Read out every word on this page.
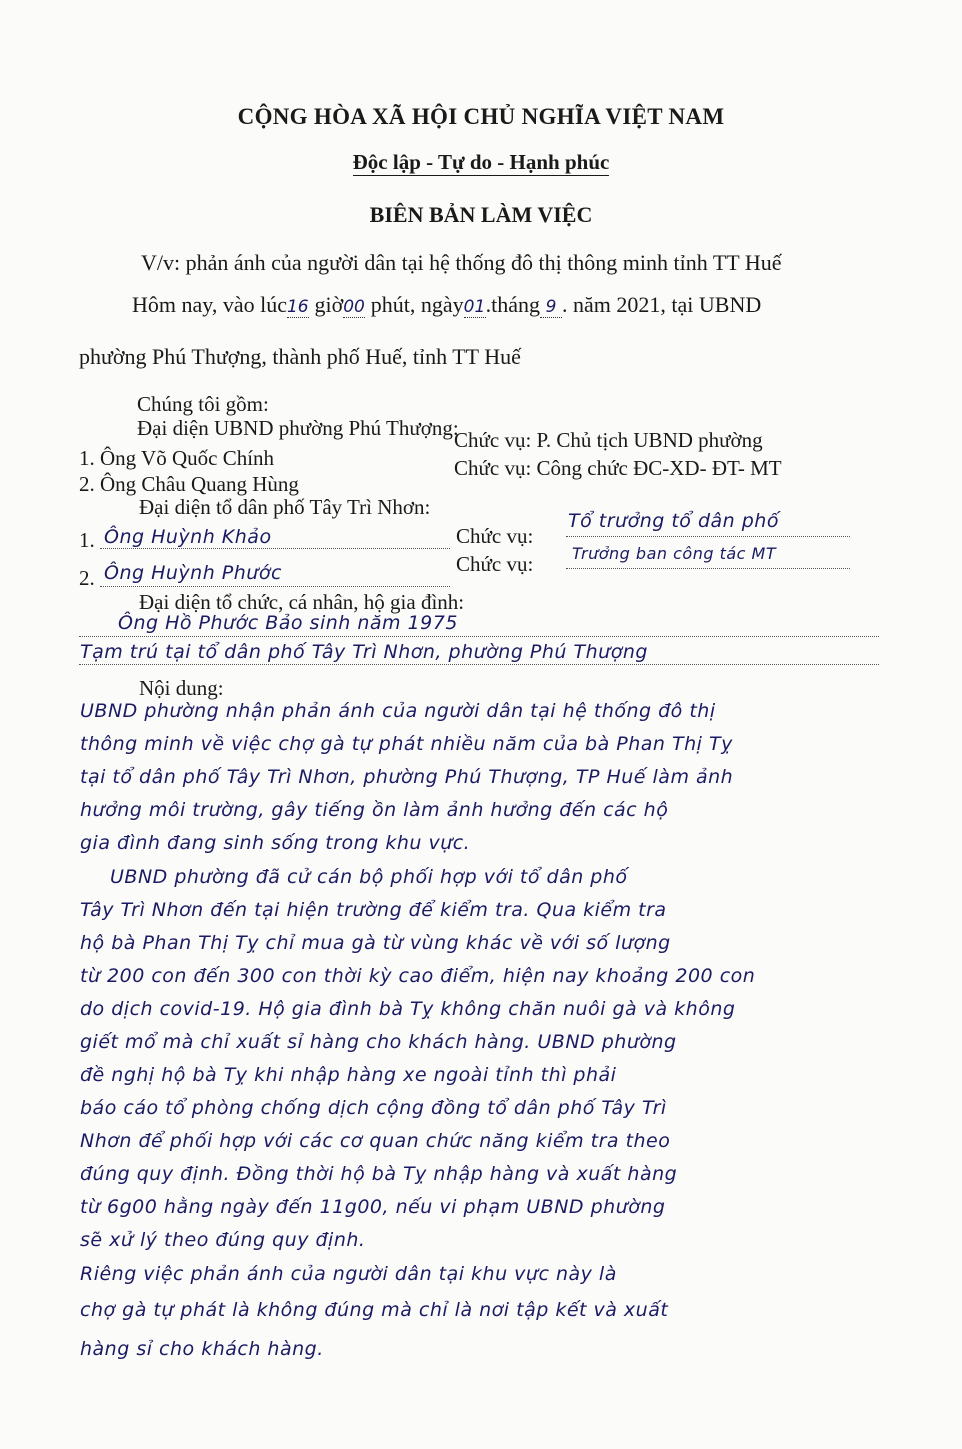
CỘNG HÒA XÃ HỘI CHỦ NGHĨA VIỆT NAM
Độc lập - Tự do - Hạnh phúc
BIÊN BẢN LÀM VIỆC
V/v: phản ánh của người dân tại hệ thống đô thị thông minh tỉnh TT Huế
Hôm nay, vào lúc16 giờ00 phút, ngày01.tháng 9 . năm 2021, tại UBND
phường Phú Thượng, thành phố Huế, tỉnh TT Huế
Chúng tôi gồm:
Đại diện UBND phường Phú Thượng:
1. Ông Võ Quốc Chính
Chức vụ: P. Chủ tịch UBND phường
2. Ông Châu Quang Hùng
Chức vụ: Công chức ĐC-XD- ĐT- MT
Đại diện tổ dân phố Tây Trì Nhơn:
1. Ông Huỳnh Khảo	Chức vụ:
Tổ trưởng tổ dân phố
2. Ông Huỳnh Phước	Chức vụ: Trưởng ban công tác MT
Đại diện tổ chức, cá nhân, hộ gia đình:
Ông Hồ Phước Bảo sinh năm 1975
Tạm trú tại tổ dân phố Tây Trì Nhơn, phường Phú Thượng
Nội dung:
UBND phường nhận phản ánh của người dân tại hệ thống đô thị
thông minh về việc chợ gà tự phát nhiều năm của bà Phan Thị Tỵ
tại tổ dân phố Tây Trì Nhơn, phường Phú Thượng, TP Huế làm ảnh
hưởng môi trường, gây tiếng ồn làm ảnh hưởng đến các hộ
gia đình đang sinh sống trong khu vực.
UBND phường đã cử cán bộ phối hợp với tổ dân phố
Tây Trì Nhơn đến tại hiện trường để kiểm tra. Qua kiểm tra
hộ bà Phan Thị Tỵ chỉ mua gà từ vùng khác về với số lượng
từ 200 con đến 300 con thời kỳ cao điểm, hiện nay khoảng 200 con
do dịch covid-19. Hộ gia đình bà Tỵ không chăn nuôi gà và không
giết mổ mà chỉ xuất sỉ hàng cho khách hàng. UBND phường
đề nghị hộ bà Tỵ khi nhập hàng xe ngoài tỉnh thì phải
báo cáo tổ phòng chống dịch cộng đồng tổ dân phố Tây Trì
Nhơn để phối hợp với các cơ quan chức năng kiểm tra theo
đúng quy định. Đồng thời hộ bà Tỵ nhập hàng và xuất hàng
từ 6g00 hằng ngày đến 11g00, nếu vi phạm UBND phường
sẽ xử lý theo đúng quy định.
Riêng việc phản ánh của người dân tại khu vực này là
chợ gà tự phát là không đúng mà chỉ là nơi tập kết và xuất
hàng sỉ cho khách hàng.
